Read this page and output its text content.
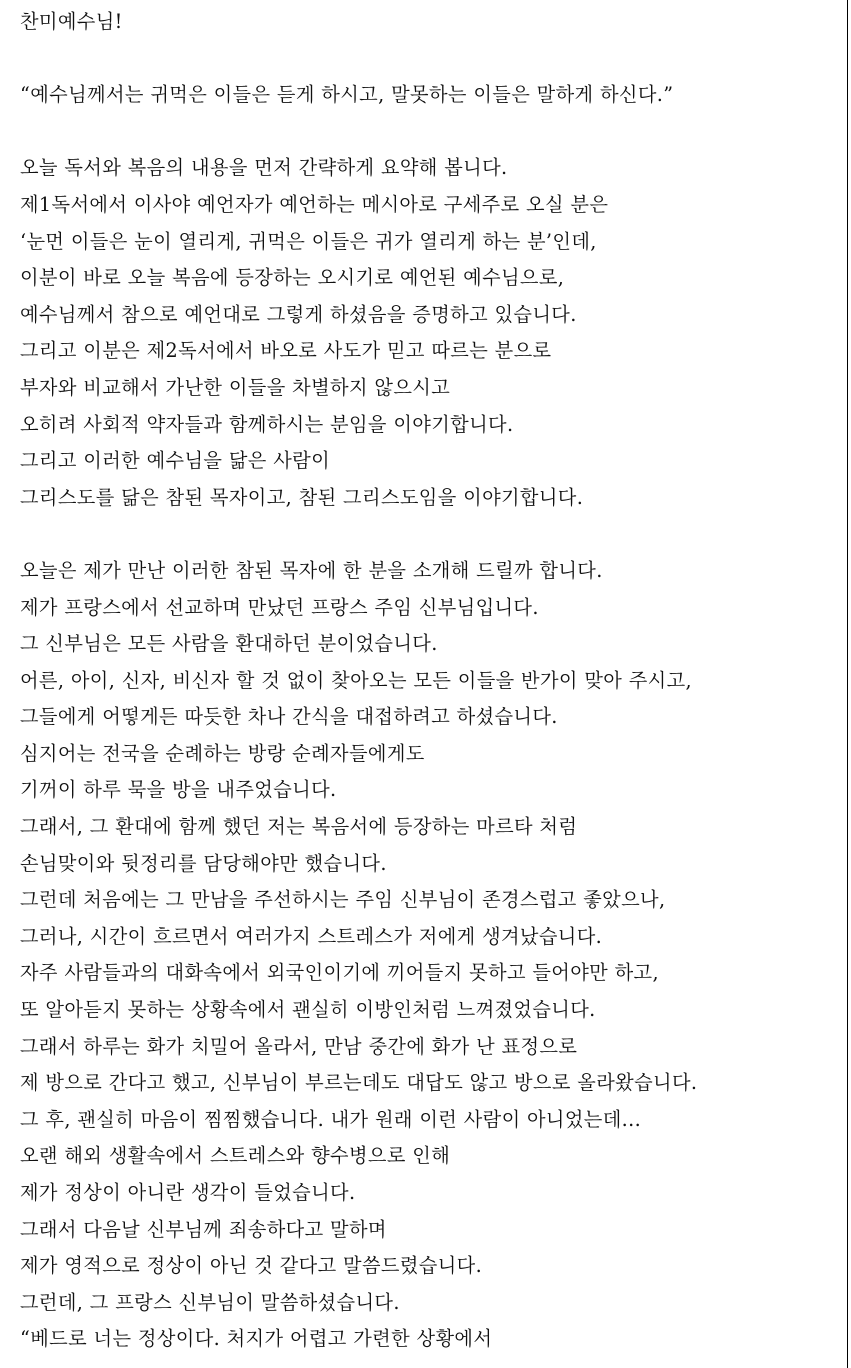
찬미예수님!
“예수님께서는 귀먹은 이들은 듣게 하시고, 말못하는 이들은 말하게 하신다.”
오늘 독서와 복음의 내용을 먼저 간략하게 요약해 봅니다.
제1독서에서 이사야 예언자가 예언하는 메시아로 구세주로 오실 분은
‘눈먼 이들은 눈이 열리게, 귀먹은 이들은 귀가 열리게 하는 분’인데,
이분이 바로 오늘 복음에 등장하는 오시기로 예언된 예수님으로,
예수님께서 참으로 예언대로 그렇게 하셨음을 증명하고 있습니다.
그리고 이분은 제2독서에서 바오로 사도가 믿고 따르는 분으로
부자와 비교해서 가난한 이들을 차별하지 않으시고
오히려 사회적 약자들과 함께하시는 분임을 이야기합니다.
그리고 이러한 예수님을 닮은 사람이
그리스도를 닮은 참된 목자이고, 참된 그리스도임을 이야기합니다.
오늘은 제가 만난 이러한 참된 목자에 한 분을 소개해 드릴까 합니다.
제가 프랑스에서 선교하며 만났던 프랑스 주임 신부님입니다.
그 신부님은 모든 사람을 환대하던 분이었습니다.
어른, 아이, 신자, 비신자 할 것 없이 찾아오는 모든 이들을 반가이 맞아 주시고,
그들에게 어떻게든 따듯한 차나 간식을 대접하려고 하셨습니다.
심지어는 전국을 순례하는 방랑 순례자들에게도
기꺼이 하루 묵을 방을 내주었습니다.
그래서, 그 환대에 함께 했던 저는 복음서에 등장하는 마르타 처럼
손님맞이와 뒷정리를 담당해야만 했습니다.
그런데 처음에는 그 만남을 주선하시는 주임 신부님이 존경스럽고 좋았으나,
그러나, 시간이 흐르면서 여러가지 스트레스가 저에게 생겨났습니다.
자주 사람들과의 대화속에서 외국인이기에 끼어들지 못하고 들어야만 하고,
또 알아듣지 못하는 상황속에서 괜실히 이방인처럼 느껴졌었습니다.
그래서 하루는 화가 치밀어 올라서, 만남 중간에 화가 난 표정으로
제 방으로 간다고 했고, 신부님이 부르는데도 대답도 않고 방으로 올라왔습니다.
그 후, 괜실히 마음이 찜찜했습니다. 내가 원래 이런 사람이 아니었는데...
오랜 해외 생활속에서 스트레스와 향수병으로 인해
제가 정상이 아니란 생각이 들었습니다.
그래서 다음날 신부님께 죄송하다고 말하며
제가 영적으로 정상이 아닌 것 같다고 말씀드렸습니다.
그런데, 그 프랑스 신부님이 말씀하셨습니다.
“베드로 너는 정상이다. 처지가 어렵고 가련한 상황에서
